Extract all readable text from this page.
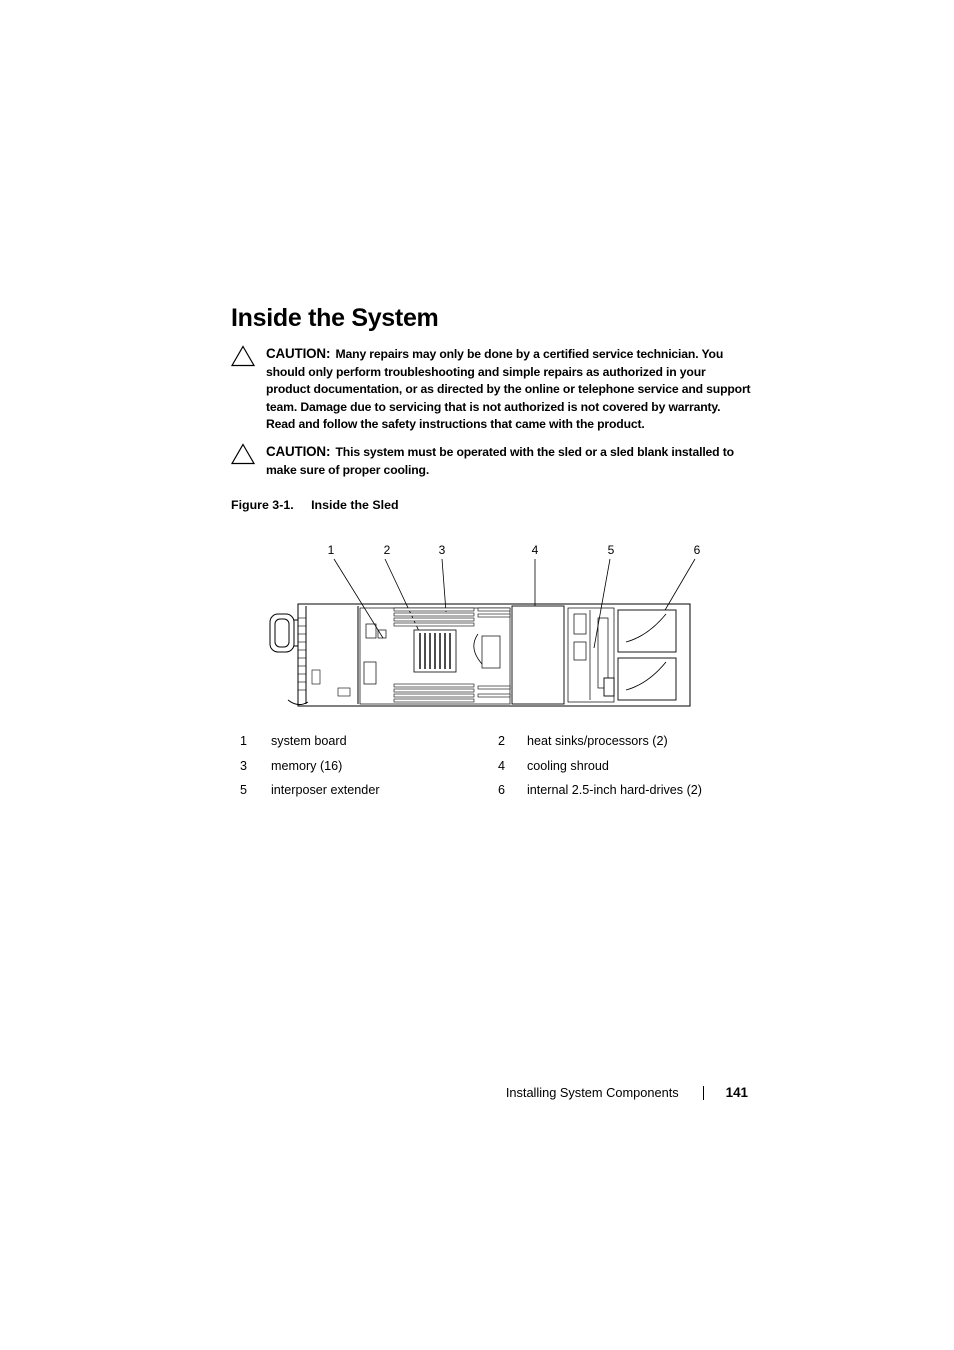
Inside the System
CAUTION: Many repairs may only be done by a certified service technician. You should only perform troubleshooting and simple repairs as authorized in your product documentation, or as directed by the online or telephone service and support team. Damage due to servicing that is not authorized is not covered by warranty. Read and follow the safety instructions that came with the product.
CAUTION: This system must be operated with the sled or a sled blank installed to make sure of proper cooling.
Figure 3-1. Inside the Sled
1	2	3	4	5	6
1	system board	2	heat sinks/processors (2)
3	memory (16)	4	cooling shroud
5	interposer extender	6	internal 2.5-inch hard-drives (2)
Installing System Components	141
